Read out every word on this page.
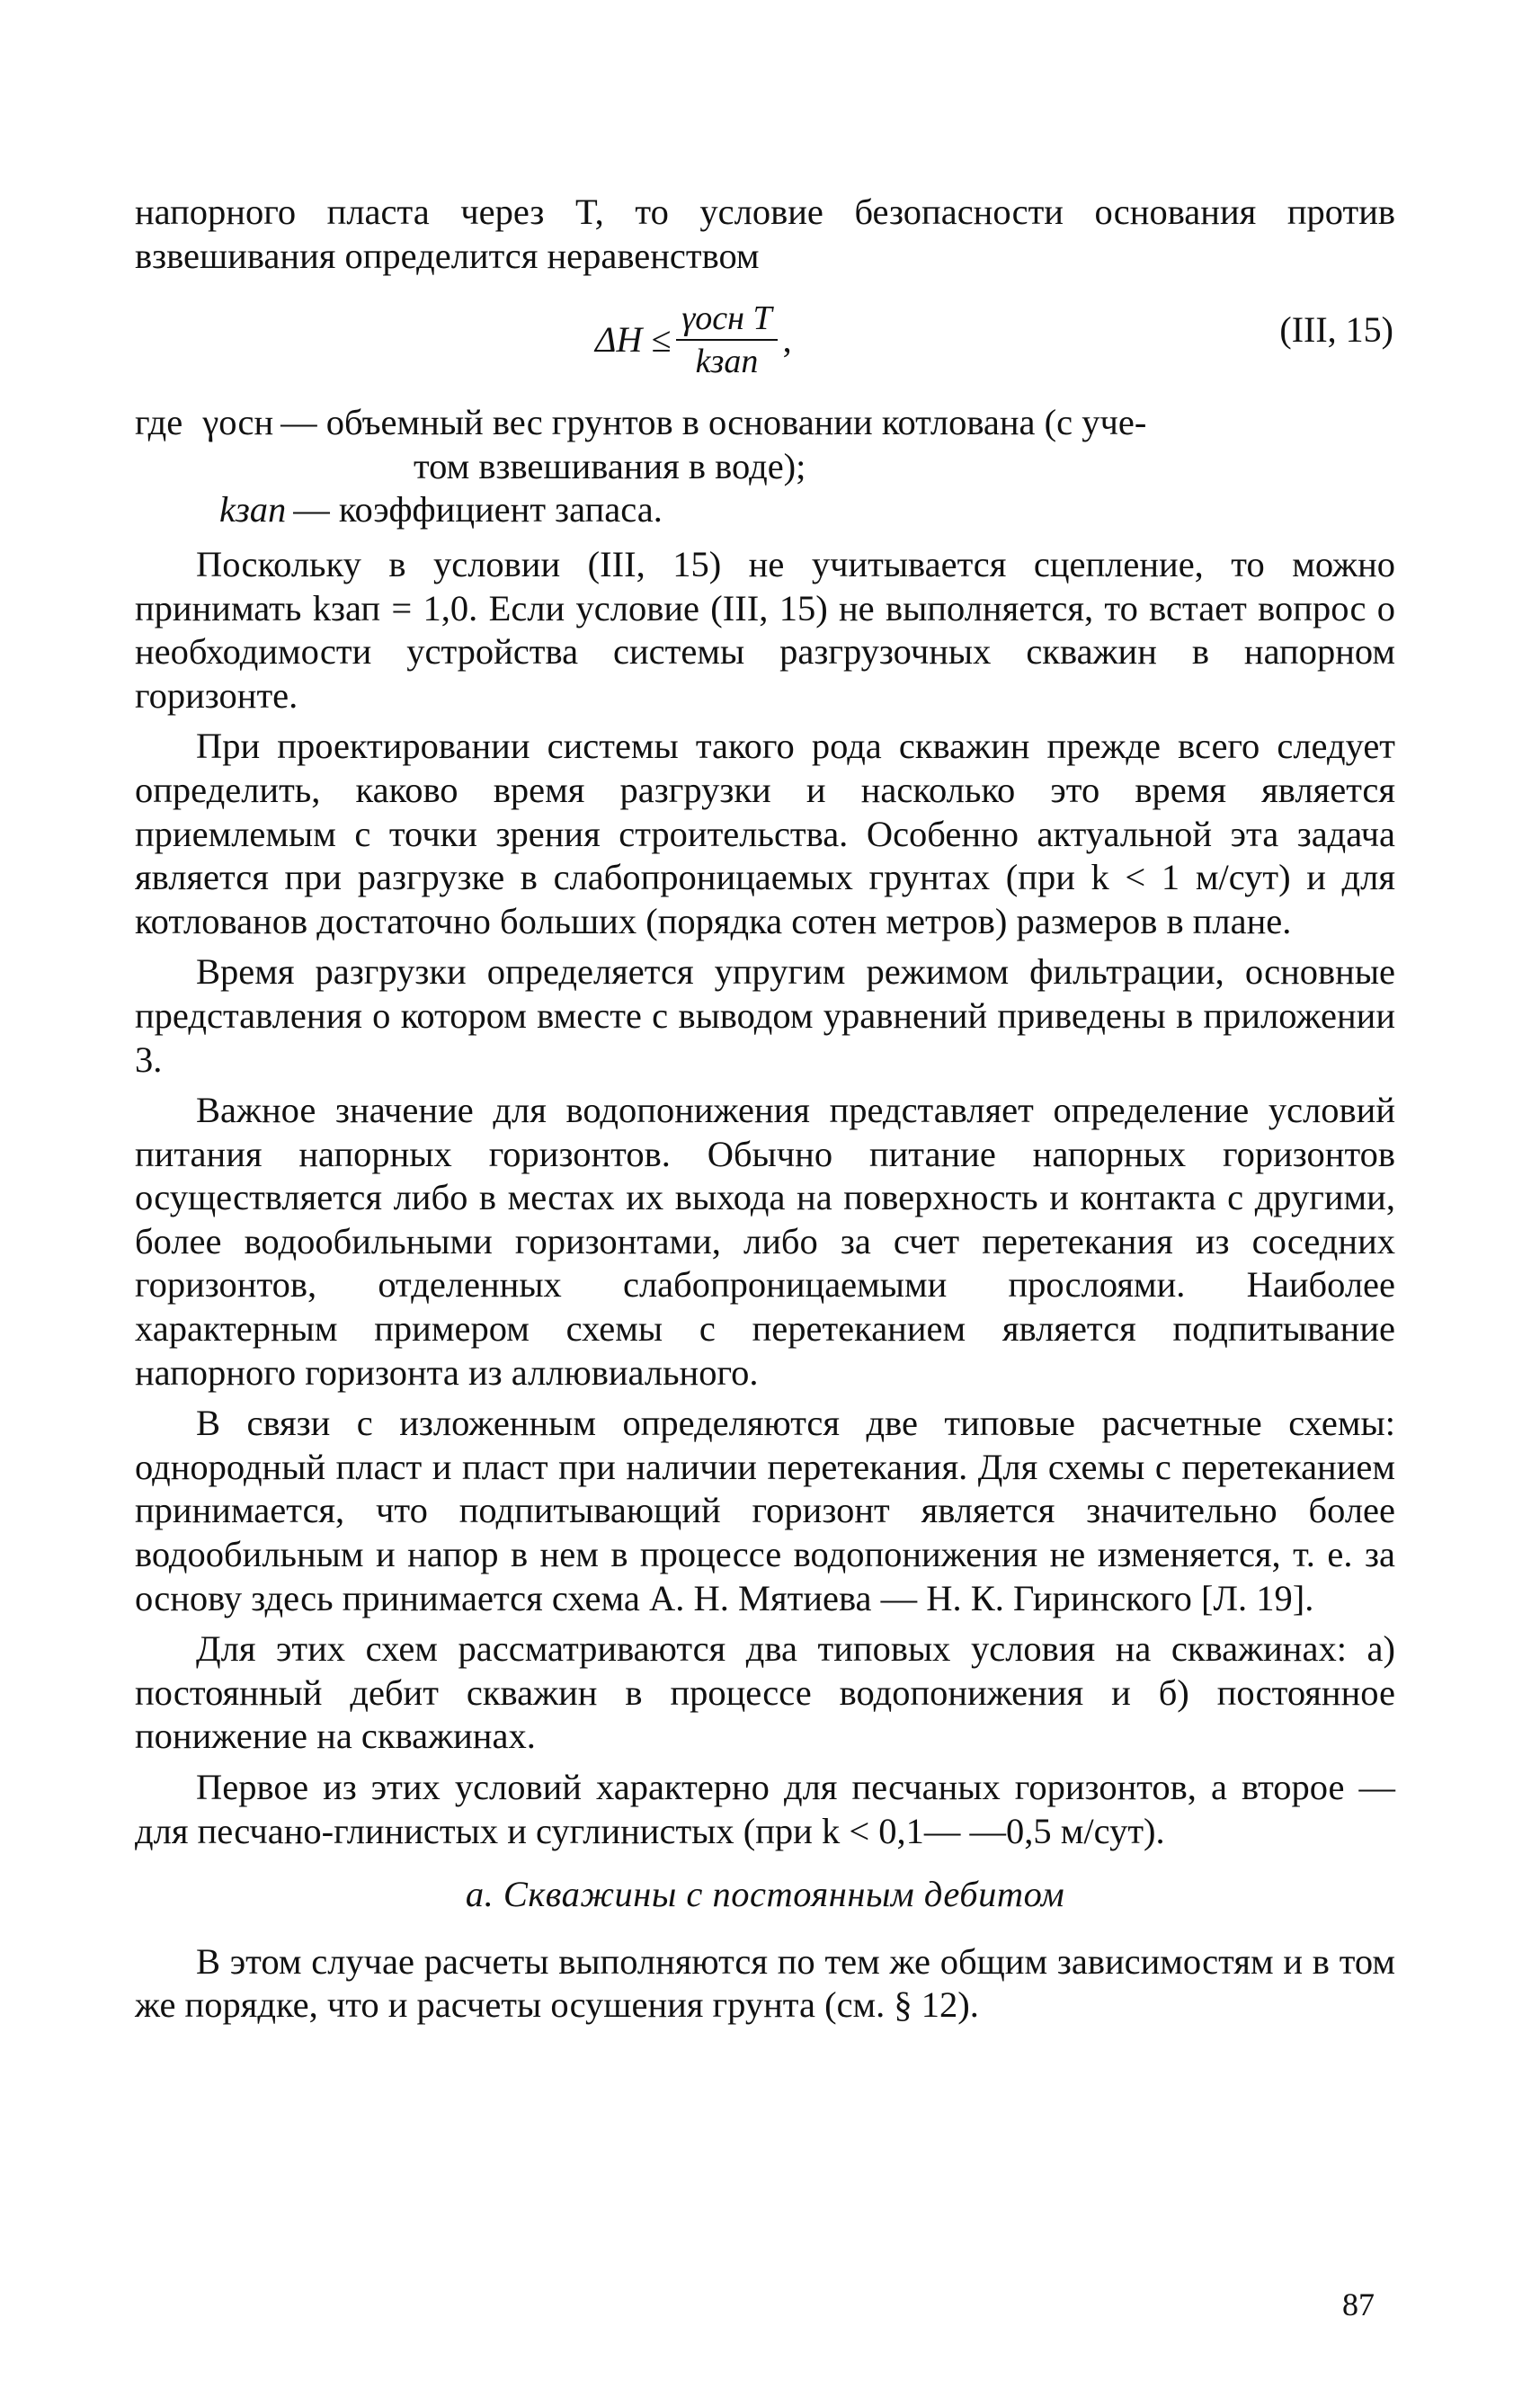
напорного пласта через T, то условие безопасности основания против взвешивания определится неравенством

$\Delta H \le \frac{\text{γосн T}}{\text{kзап}}$ ,	(III, 15)
где γосн — объемный вес грунтов в основании котлована (с уче-
том взвешивания в воде);
kзап — коэффициент запаса.

Поскольку в условии (III, 15) не учитывается сцепление, то можно принимать kзап = 1,0. Если условие (III, 15) не выполняется, то встает вопрос о необходимости устройства системы разгрузочных скважин в напорном горизонте.

При проектировании системы такого рода скважин прежде всего следует определить, каково время разгрузки и насколько это время является приемлемым с точки зрения строительства. Особенно актуальной эта задача является при разгрузке в слабопроницаемых грунтах (при k < 1 м/сут) и для котлованов достаточно больших (порядка сотен метров) размеров в плане.

Время разгрузки определяется упругим режимом фильтрации, основные представления о котором вместе с выводом уравнений приведены в приложении 3.

Важное значение для водопонижения представляет определение условий питания напорных горизонтов. Обычно питание напорных горизонтов осуществляется либо в местах их выхода на поверхность и контакта с другими, более водообильными горизонтами, либо за счет перетекания из соседних горизонтов, отделенных слабопроницаемыми прослоями. Наиболее характерным примером схемы с перетеканием является подпитывание напорного горизонта из аллювиального.

В связи с изложенным определяются две типовые расчетные схемы: однородный пласт и пласт при наличии перетекания. Для схемы с перетеканием принимается, что подпитывающий горизонт является значительно более водообильным и напор в нем в процессе водопонижения не изменяется, т. е. за основу здесь принимается схема А. Н. Мятиева — Н. К. Гиринского [Л. 19].

Для этих схем рассматриваются два типовых условия на скважинах: а) постоянный дебит скважин в процессе водопонижения и б) постоянное понижение на скважинах.

Первое из этих условий характерно для песчаных горизонтов, а второе — для песчано-глинистых и суглинистых (при k < 0,1— —0,5 м/сут).

а. Скважины с постоянным дебитом

В этом случае расчеты выполняются по тем же общим зависимостям и в том же порядке, что и расчеты осушения грунта (см. § 12).

87
